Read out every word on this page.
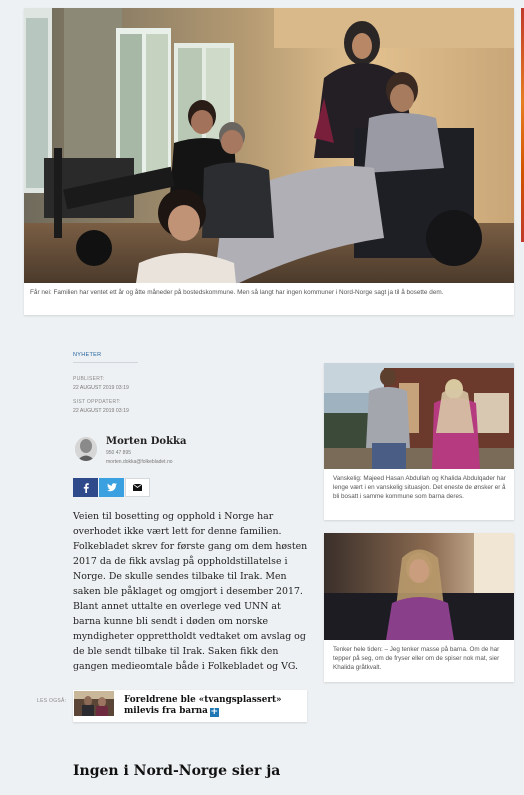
Får nei: Familien har ventet ett år og åtte måneder på bostedskommune. Men så langt har ingen kommuner i Nord-Norge sagt ja til å bosette dem.
NYHETER
PUBLISERT:
22 AUGUST 2019 03:19
SIST OPPDATERT:
22 AUGUST 2019 03:19
Morten Dokka
950 47 895
morten.dokka@folkebladet.no
Veien til bosetting og opphold i Norge har overhodet ikke vært lett for denne familien. Folkebladet skrev for første gang om dem høsten 2017 da de fikk avslag på oppholdstillatelse i Norge. De skulle sendes tilbake til Irak. Men saken ble påklaget og omgjort i desember 2017. Blant annet uttalte en overlege ved UNN at barna kunne bli sendt i døden om norske myndigheter opprettholdt vedtaket om avslag og de ble sendt tilbake til Irak. Saken fikk den gangen medieomtale både i Folkebladet og VG.
LES OGSÅ:	Foreldrene ble «tvangsplassert» milevis fra barna +
Ingen i Nord-Norge sier ja
Vanskelig: Majeed Hasan Abdullah og Khalida Abdulqader har lenge vært i en vanskelig situasjon. Det eneste de ønsker er å bli bosatt i samme kommune som barna deres.
Tenker hele tiden: – Jeg tenker masse på barna. Om de har tepper på seg, om de fryser eller om de spiser nok mat, sier Khalida gråtkvalt.
